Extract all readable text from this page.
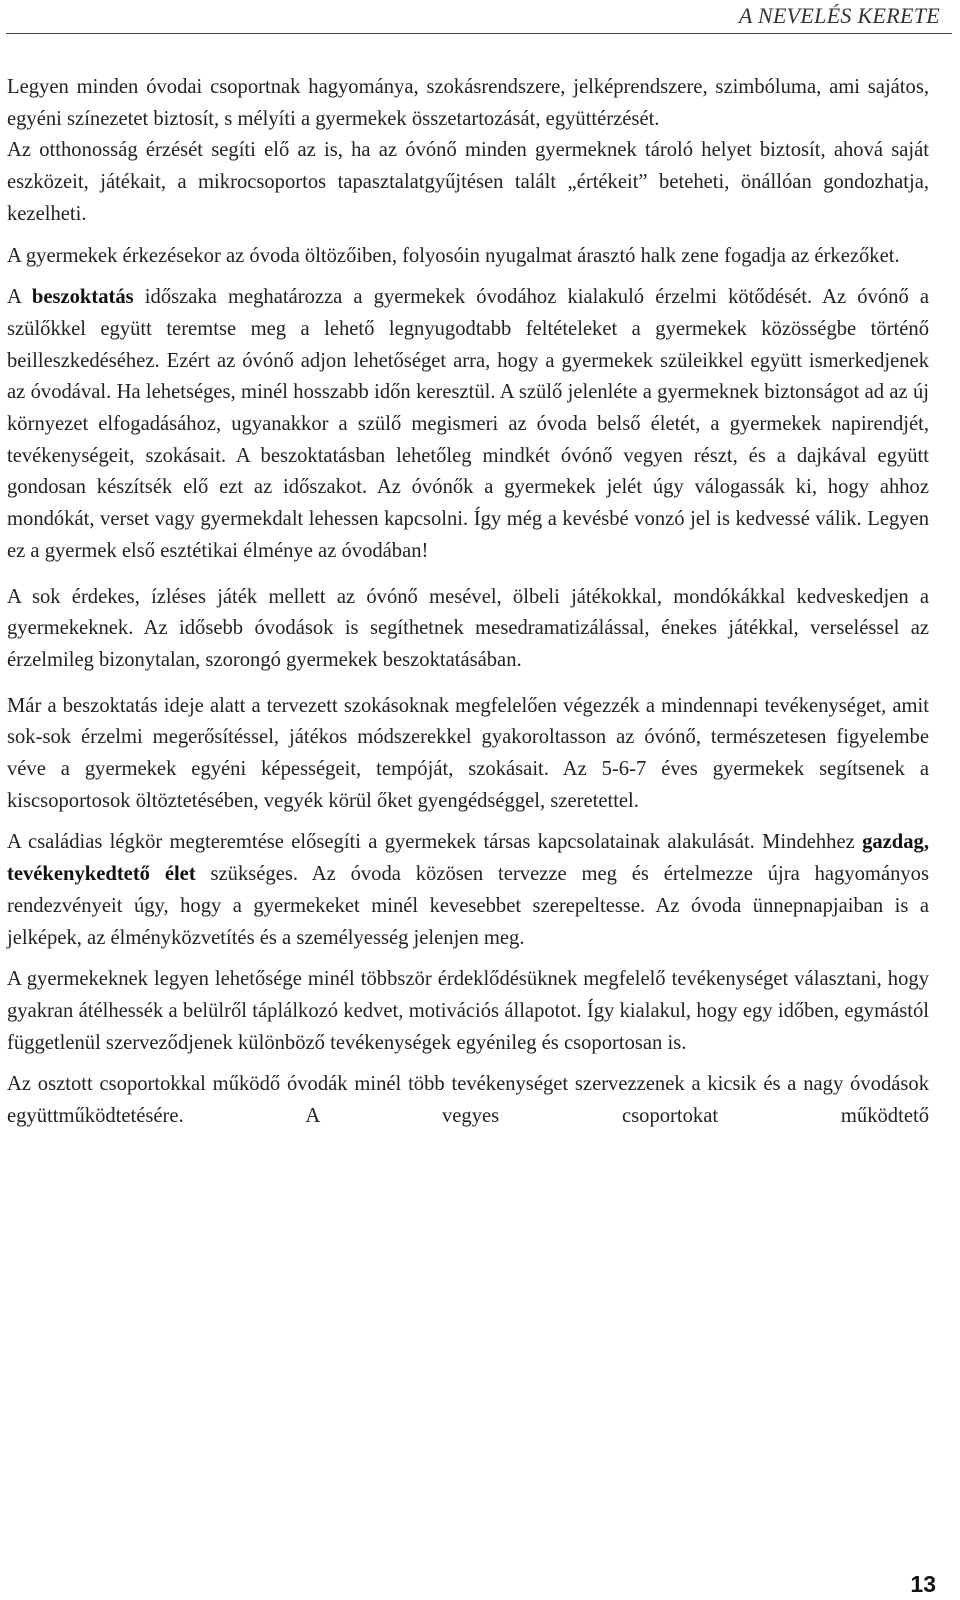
A NEVELÉS KERETE

Legyen minden óvodai csoportnak hagyománya, szokásrendszere, jelképrendszere, szimbóluma, ami sajátos, egyéni színezetet biztosít, s mélyíti a gyermekek összetartozását, együttérzését.

Az otthonosság érzését segíti elő az is, ha az óvónő minden gyermeknek tároló helyet biztosít, ahová saját eszközeit, játékait, a mikrocsoportos tapasztalatgyűjtésen talált „értékeit” beteheti, önállóan gondozhatja, kezelheti.

A gyermekek érkezésekor az óvoda öltözőiben, folyosóin nyugalmat árasztó halk zene fogadja az érkezőket.

A beszoktatás időszaka meghatározza a gyermekek óvodához kialakuló érzelmi kötődését. Az óvónő a szülőkkel együtt teremtse meg a lehető legnyugodtabb feltételeket a gyermekek közösségbe történő beilleszkedéséhez. Ezért az óvónő adjon lehetőséget arra, hogy a gyermekek szüleikkel együtt ismerkedjenek az óvodával. Ha lehetséges, minél hosszabb időn keresztül. A szülő jelenléte a gyermeknek biztonságot ad az új környezet elfogadásához, ugyanakkor a szülő megismeri az óvoda belső életét, a gyermekek napirendjét, tevékenységeit, szokásait. A beszoktatásban lehetőleg mindkét óvónő vegyen részt, és a dajkával együtt gondosan készítsék elő ezt az időszakot. Az óvónők a gyermekek jelét úgy válogassák ki, hogy ahhoz mondókát, verset vagy gyermekdalt lehessen kapcsolni. Így még a kevésbé vonzó jel is kedvessé válik. Legyen ez a gyermek első esztétikai élménye az óvodában!

A sok érdekes, ízléses játék mellett az óvónő mesével, ölbeli játékokkal, mondókákkal kedveskedjen a gyermekeknek. Az idősebb óvodások is segíthetnek mesedramatizálással, énekes játékkal, verseléssel az érzelmileg bizonytalan, szorongó gyermekek beszoktatásában.

Már a beszoktatás ideje alatt a tervezett szokásoknak megfelelően végezzék a mindennapi tevékenységet, amit sok-sok érzelmi megerősítéssel, játékos módszerekkel gyakoroltasson az óvónő, természetesen figyelembe véve a gyermekek egyéni képességeit, tempóját, szokásait. Az 5-6-7 éves gyermekek segítsenek a kiscsoportosok öltöztetésében, vegyék körül őket gyengédséggel, szeretettel.

A családias légkör megteremtése elősegíti a gyermekek társas kapcsolatainak alakulását. Mindehhez gazdag, tevékenykedtető élet szükséges. Az óvoda közösen tervezze meg és értelmezze újra hagyományos rendezvényeit úgy, hogy a gyermekeket minél kevesebbet szerepeltesse. Az óvoda ünnepnapjaiban is a jelképek, az élményközvetítés és a személyesség jelenjen meg.

A gyermekeknek legyen lehetősége minél többször érdeklődésüknek megfelelő tevékenységet választani, hogy gyakran átélhessék a belülről táplálkozó kedvet, motivációs állapotot. Így kialakul, hogy egy időben, egymástól függetlenül szerveződjenek különböző tevékenységek egyénileg és csoportosan is.

Az osztott csoportokkal működő óvodák minél több tevékenységet szervezzenek a kicsik és a nagy óvodások együttműködtetésére. A vegyes csoportokat működtető

13
